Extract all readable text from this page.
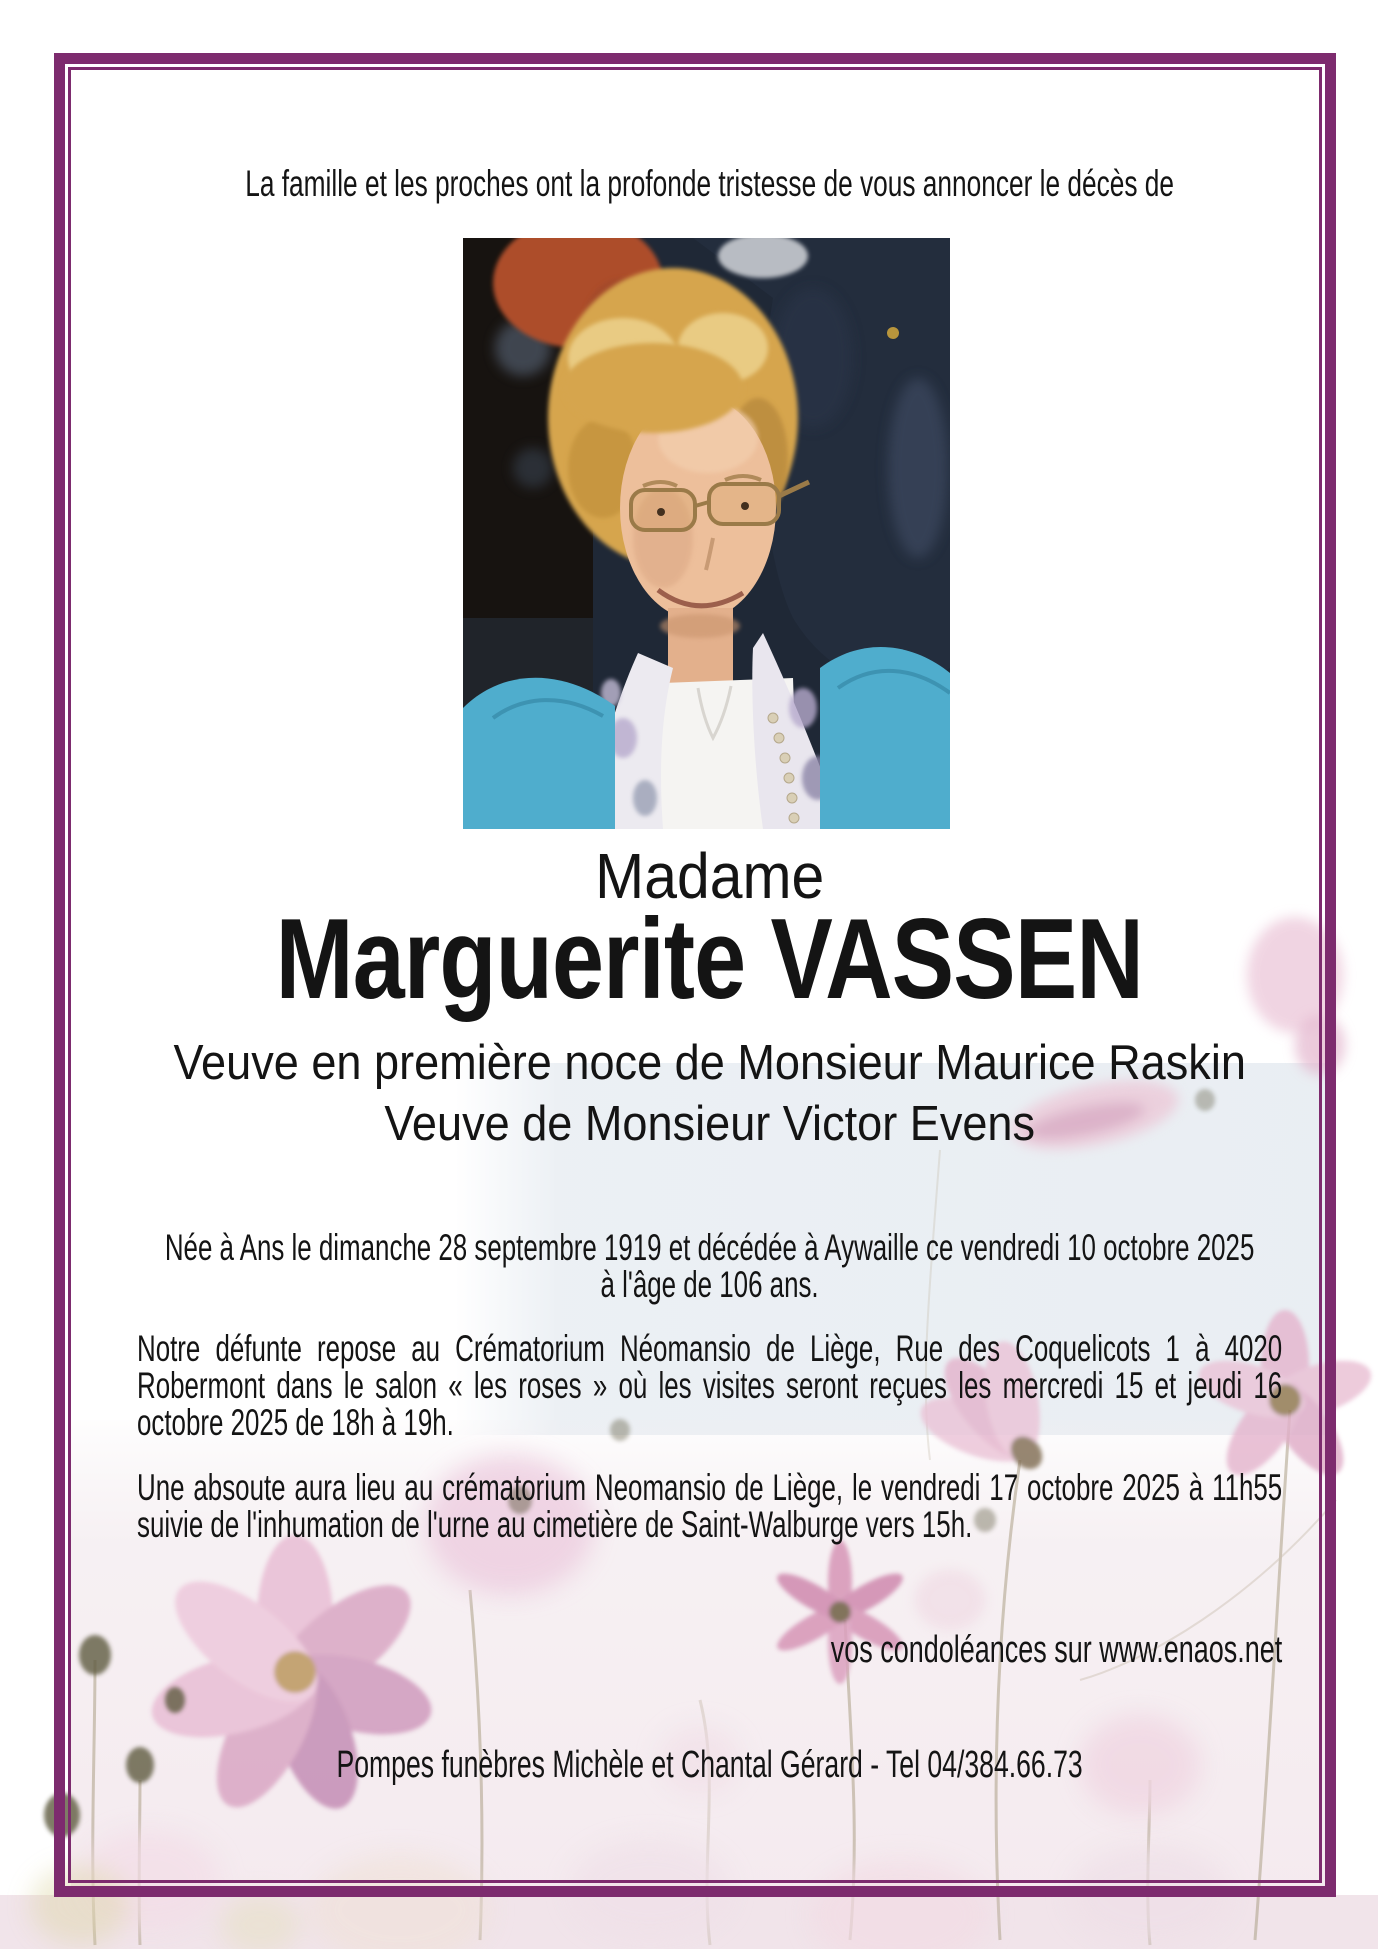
La famille et les proches ont la profonde tristesse de vous annoncer le décès de
Madame
Marguerite VASSEN
Veuve en première noce de Monsieur Maurice Raskin
Veuve de Monsieur Victor Evens
Née à Ans le dimanche 28 septembre 1919 et décédée à Aywaille ce vendredi 10 octobre 2025
à l'âge de 106 ans.
Notre défunte repose au Crématorium Néomansio de Liège, Rue des Coquelicots 1 à 4020
Robermont dans le salon « les roses » où les visites seront reçues les mercredi 15 et jeudi 16
octobre 2025 de 18h à 19h.
Une absoute aura lieu au crématorium Neomansio de Liège, le vendredi 17 octobre 2025 à 11h55
suivie de l'inhumation de l'urne au cimetière de Saint-Walburge vers 15h.
vos condoléances sur www.enaos.net
Pompes funèbres Michèle et Chantal Gérard - Tel 04/384.66.73
